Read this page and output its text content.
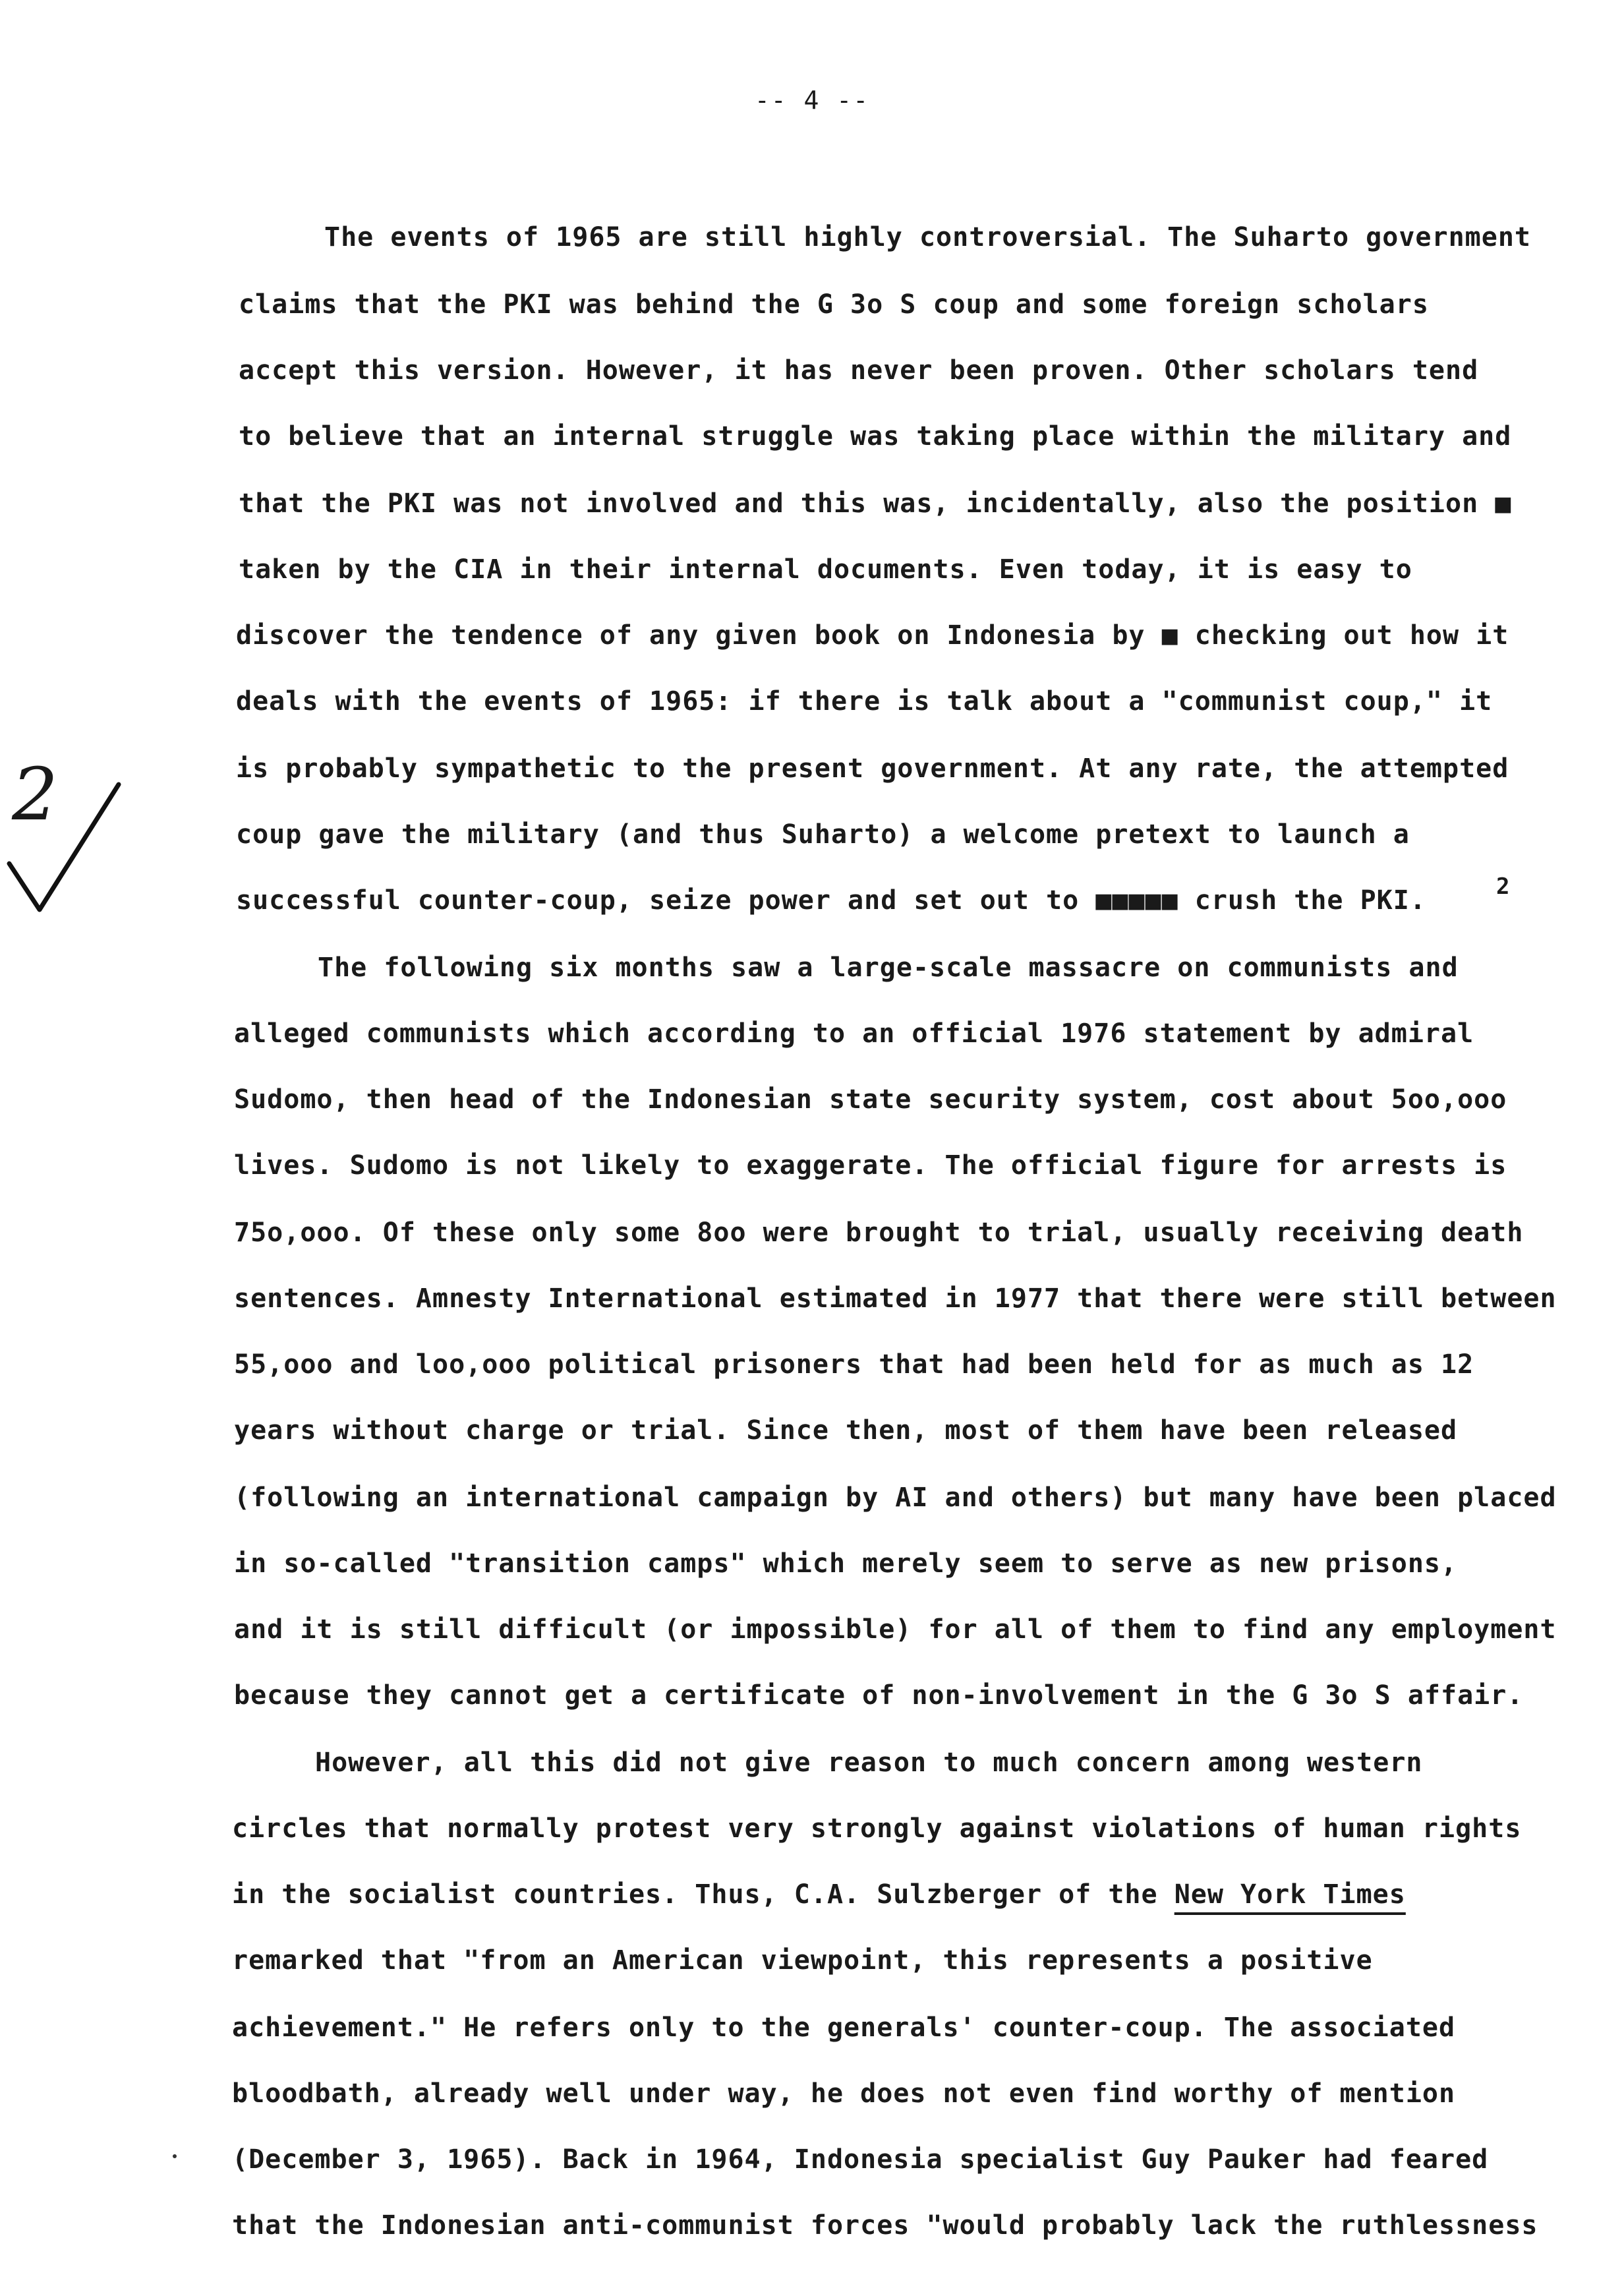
-- 4 --
The events of 1965 are still highly controversial. The Suharto government
claims that the PKI was behind the G 3o S coup and some foreign scholars
accept this version. However, it has never been proven. Other scholars tend
to believe that an internal struggle was taking place within the military and
that the PKI was not involved and this was, incidentally, also the position ■
taken by the CIA in their internal documents. Even today, it is easy to
discover the tendence of any given book on Indonesia by ■ checking out how it
deals with the events of 1965: if there is talk about a "communist coup," it
is probably sympathetic to the present government. At any rate, the attempted
coup gave the military (and thus Suharto) a welcome pretext to launch a
successful counter-coup, seize power and set out to ■■■■■ crush the PKI.	2
The following six months saw a large-scale massacre on communists and
alleged communists which according to an official 1976 statement by admiral
Sudomo, then head of the Indonesian state security system, cost about 5oo,ooo
lives. Sudomo is not likely to exaggerate. The official figure for arrests is
75o,ooo. Of these only some 8oo were brought to trial, usually receiving death
sentences. Amnesty International estimated in 1977 that there were still between
55,ooo and loo,ooo political prisoners that had been held for as much as 12
years without charge or trial. Since then, most of them have been released
(following an international campaign by AI and others) but many have been placed
in so-called "transition camps" which merely seem to serve as new prisons,
and it is still difficult (or impossible) for all of them to find any employment
because they cannot get a certificate of non-involvement in the G 3o S affair.
However, all this did not give reason to much concern among western
circles that normally protest very strongly against violations of human rights
in the socialist countries. Thus, C.A. Sulzberger of the New York Times
remarked that "from an American viewpoint, this represents a positive
achievement." He refers only to the generals' counter-coup. The associated
bloodbath, already well under way, he does not even find worthy of mention
(December 3, 1965). Back in 1964, Indonesia specialist Guy Pauker had feared
that the Indonesian anti-communist forces "would probably lack the ruthlessness
2
